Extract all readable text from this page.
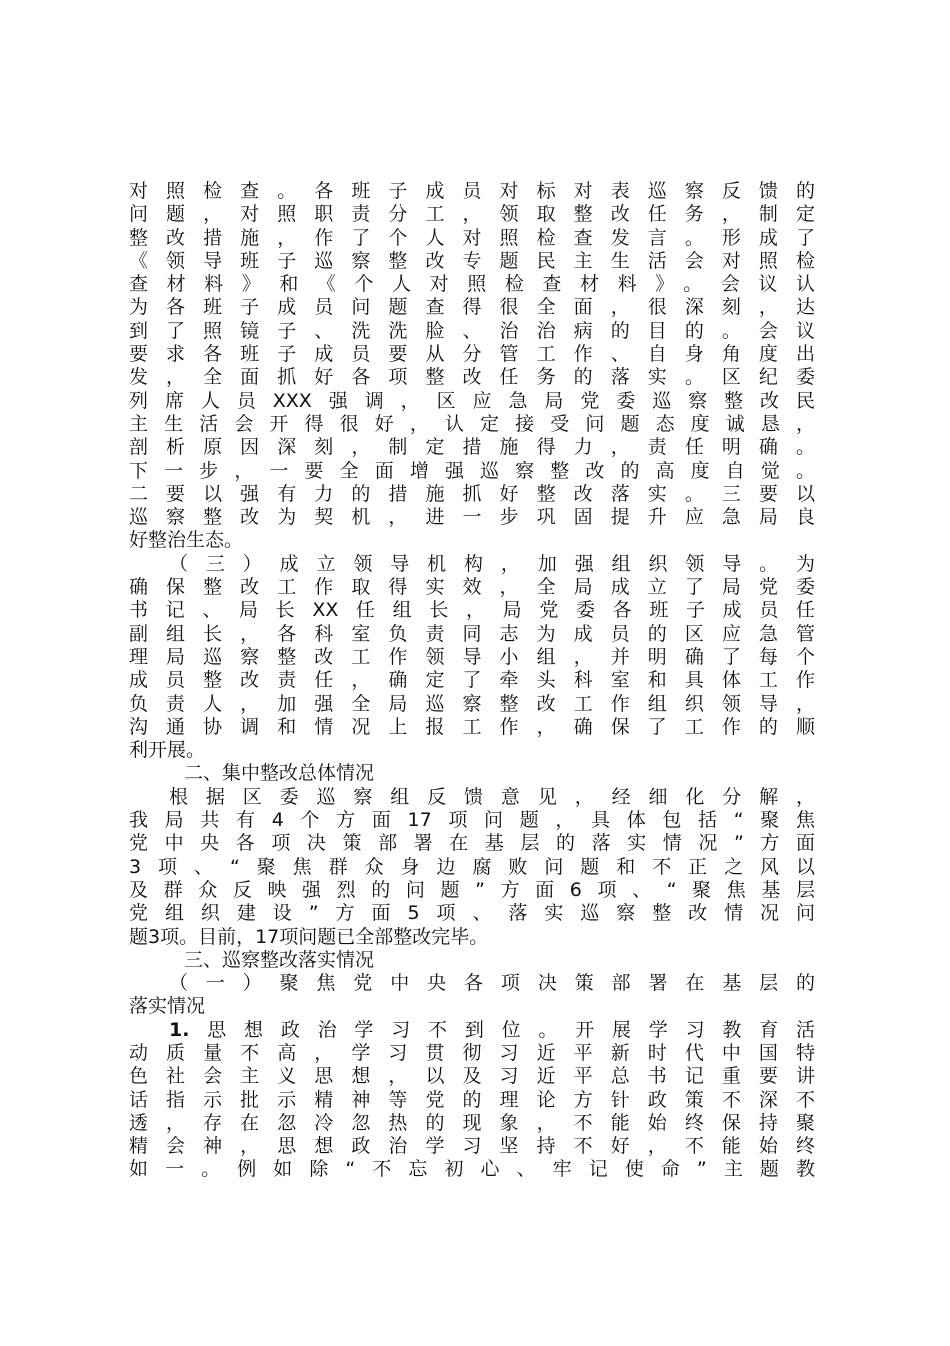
对照检查。各班子成员对标对表巡察反馈的
问题，对照职责分工，领取整改任务，制定
整改措施，作了个人对照检查发言。形成了
《领导班子巡察整改专题民主生活会对照检
查材料》和《个人对照检查材料》。会议认
为各班子成员问题查得很全面，很深刻，达
到了照镜子、洗洗脸、治治病的目的。会议
要求各班子成员要从分管工作、自身角度出
发，全面抓好各项整改任务的落实。区纪委
列席人员XXX强调，区应急局党委巡察整改民
主生活会开得很好，认定接受问题态度诚恳，
剖析原因深刻，制定措施得力，责任明确。
下一步，一要全面增强巡察整改的高度自觉。
二要以强有力的措施抓好整改落实。三要以
巡察整改为契机，进一步巩固提升应急局良
好整治生态。
（三）成立领导机构，加强组织领导。为
确保整改工作取得实效，全局成立了局党委
书记、局长XX任组长，局党委各班子成员任
副组长，各科室负责同志为成员的区应急管
理局巡察整改工作领导小组，并明确了每个
成员整改责任，确定了牵头科室和具体工作
负责人，加强全局巡察整改工作组织领导，
沟通协调和情况上报工作，确保了工作的顺
利开展。
二、集中整改总体情况
根据区委巡察组反馈意见，经细化分解，
我局共有4个方面17项问题，具体包括“聚焦
党中央各项决策部署在基层的落实情况”方面
3项、“聚焦群众身边腐败问题和不正之风以
及群众反映强烈的问题”方面6项、“聚焦基层
党组织建设”方面5项、落实巡察整改情况问
题3项。目前，17项问题已全部整改完毕。
三、巡察整改落实情况
（一）聚焦党中央各项决策部署在基层的
落实情况
1.思想政治学习不到位。开展学习教育活
动质量不高，学习贯彻习近平新时代中国特
色社会主义思想，以及习近平总书记重要讲
话指示批示精神等党的理论方针政策不深不
透，存在忽冷忽热的现象，不能始终保持聚
精会神，思想政治学习坚持不好，不能始终
如一。例如除“不忘初心、牢记使命”主题教
